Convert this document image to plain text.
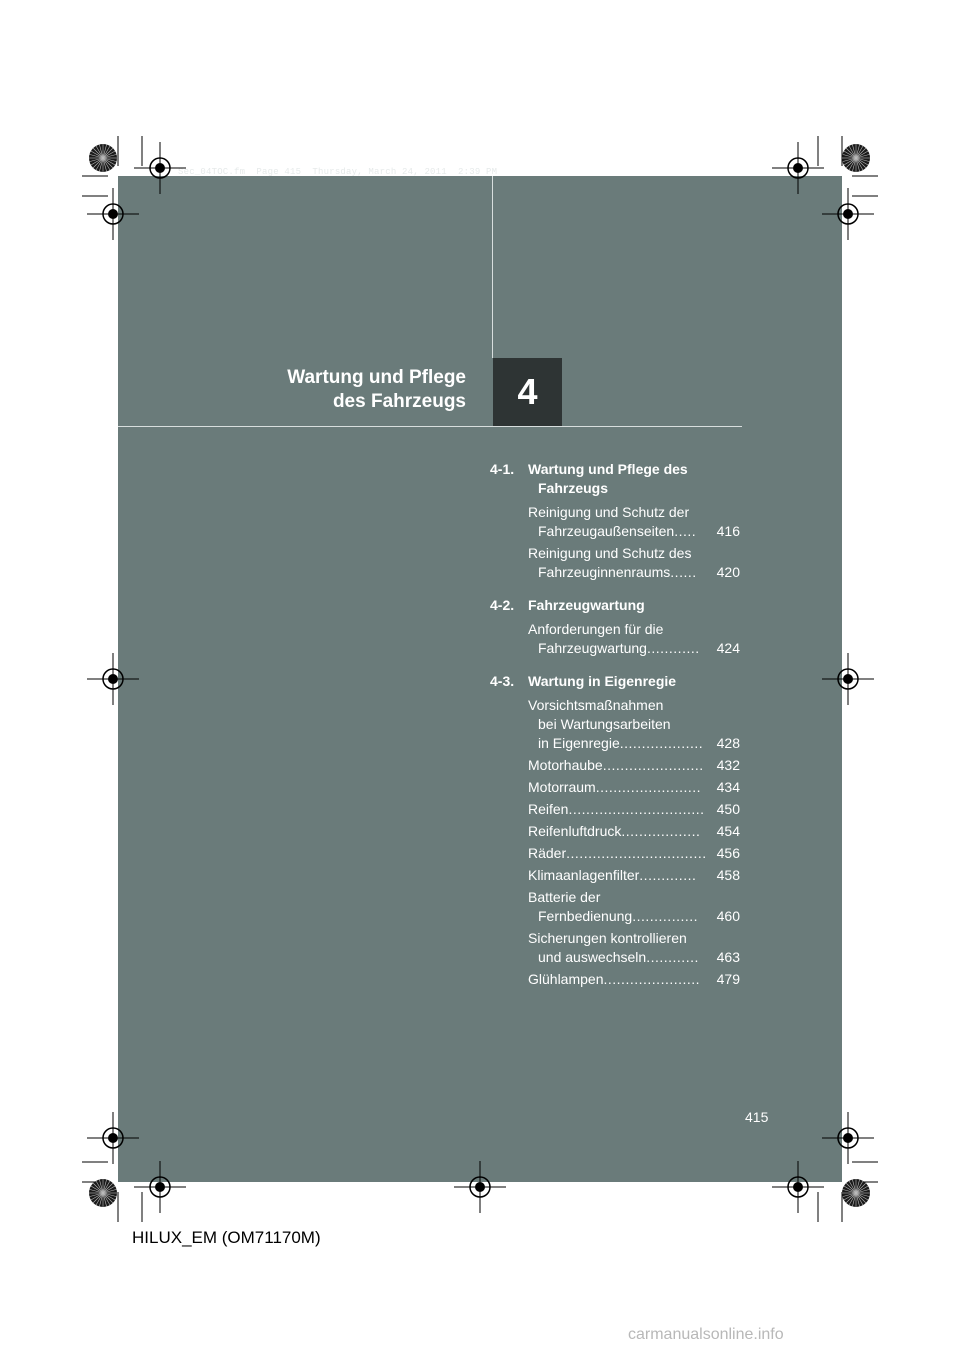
Sec_04TOC.fm  Page 415  Thursday, March 24, 2011  2:39 PM
4
Wartung und Pflege
des Fahrzeugs
4-1. Wartung und Pflege des
Fahrzeugs
Reinigung und Schutz der
Fahrzeugaußenseiten .....	416
Reinigung und Schutz des
Fahrzeuginnenraums ......	420
4-2. Fahrzeugwartung
Anforderungen für die
Fahrzeugwartung ............	424
4-3. Wartung in Eigenregie
Vorsichtsmaßnahmen
bei Wartungsarbeiten
in Eigenregie ................... 428
Motorhaube ....................... 432
Motorraum ........................	434
Reifen ............................... 450
Reifenluftdruck ..................	454
Räder ................................ 456
Klimaanlagenfilter .............	458
Batterie der
Fernbedienung ...............	460
Sicherungen kontrollieren
und auswechseln ............	463
Glühlampen ......................	479
415
HILUX_EM (OM71170M)
carmanualsonline.info
